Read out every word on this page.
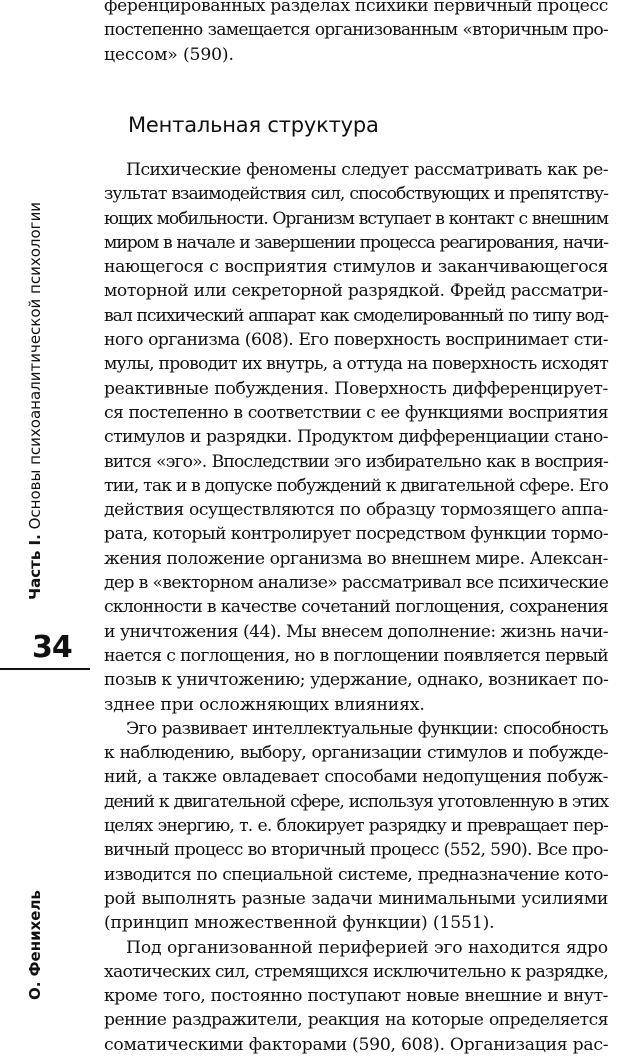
Часть I. Основы психоаналитической психологии
34
О. Фенихель
ференцированных разделах психики первичный процесс
постепенно замещается организованным «вторичным про-
цессом» (590).
Ментальная структура
Психические феномены следует рассматривать как ре-
зультат взаимодействия сил, способствующих и препятству-
ющих мобильности. Организм вступает в контакт с внешним
миром в начале и завершении процесса реагирования, начи-
нающегося с восприятия стимулов и заканчивающегося
моторной или секреторной разрядкой. Фрейд рассматри-
вал психический аппарат как смоделированный по типу вод-
ного организма (608). Его поверхность воспринимает сти-
мулы, проводит их внутрь, а оттуда на поверхность исходят
реактивные побуждения. Поверхность дифференцирует-
ся постепенно в соответствии с ее функциями восприятия
стимулов и разрядки. Продуктом дифференциации стано-
вится «эго». Впоследствии эго избирательно как в восприя-
тии, так и в допуске побуждений к двигательной сфере. Его
действия осуществляются по образцу тормозящего аппа-
рата, который контролирует посредством функции тормо-
жения положение организма во внешнем мире. Алексан-
дер в «векторном анализе» рассматривал все психические
склонности в качестве сочетаний поглощения, сохранения
и уничтожения (44). Мы внесем дополнение: жизнь начи-
нается с поглощения, но в поглощении появляется первый
позыв к уничтожению; удержание, однако, возникает по-
зднее при осложняющих влияниях.
Эго развивает интеллектуальные функции: способность
к наблюдению, выбору, организации стимулов и побужде-
ний, а также овладевает способами недопущения побуж-
дений к двигательной сфере, используя уготовленную в этих
целях энергию, т. е. блокирует разрядку и превращает пер-
вичный процесс во вторичный процесс (552, 590). Все про-
изводится по специальной системе, предназначение кото-
рой выполнять разные задачи минимальными усилиями
(принцип множественной функции) (1551).
Под организованной периферией эго находится ядро
хаотических сил, стремящихся исключительно к разрядке,
кроме того, постоянно поступают новые внешние и внут-
ренние раздражители, реакция на которые определяется
соматическими факторами (590, 608). Организация рас-
